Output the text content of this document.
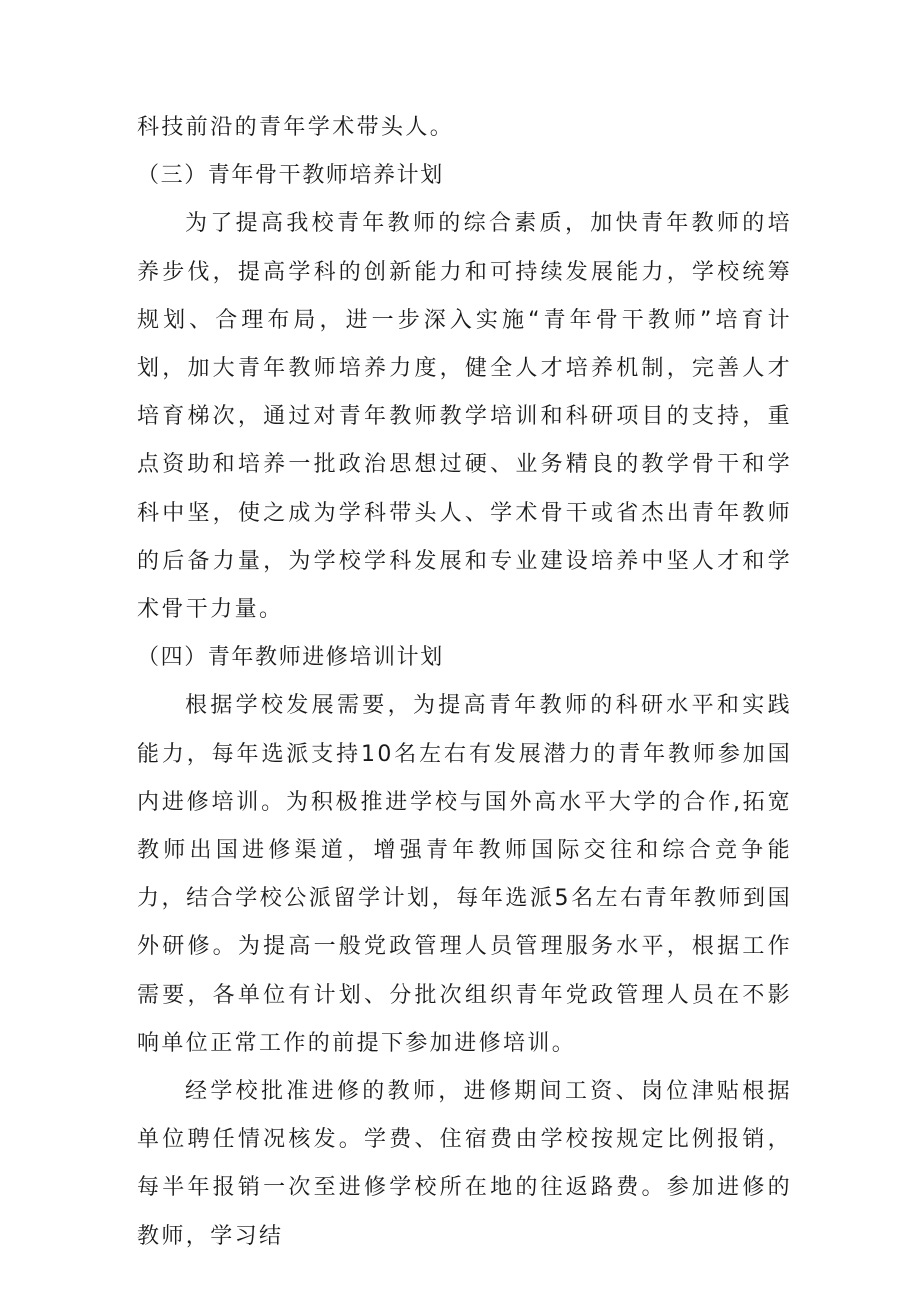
科技前沿的青年学术带头人。

（三）青年骨干教师培养计划

为了提高我校青年教师的综合素质，加快青年教师的培养步伐，提高学科的创新能力和可持续发展能力，学校统筹规划、合理布局，进一步深入实施“青年骨干教师”培育计划，加大青年教师培养力度，健全人才培养机制，完善人才培育梯次，通过对青年教师教学培训和科研项目的支持，重点资助和培养一批政治思想过硬、业务精良的教学骨干和学科中坚，使之成为学科带头人、学术骨干或省杰出青年教师的后备力量，为学校学科发展和专业建设培养中坚人才和学术骨干力量。

（四）青年教师进修培训计划

根据学校发展需要，为提高青年教师的科研水平和实践能力，每年选派支持10名左右有发展潜力的青年教师参加国内进修培训。为积极推进学校与国外高水平大学的合作,拓宽教师出国进修渠道，增强青年教师国际交往和综合竞争能力，结合学校公派留学计划，每年选派5名左右青年教师到国外研修。为提高一般党政管理人员管理服务水平，根据工作需要，各单位有计划、分批次组织青年党政管理人员在不影响单位正常工作的前提下参加进修培训。

经学校批准进修的教师，进修期间工资、岗位津贴根据单位聘任情况核发。学费、住宿费由学校按规定比例报销，每半年报销一次至进修学校所在地的往返路费。参加进修的教师，学习结
